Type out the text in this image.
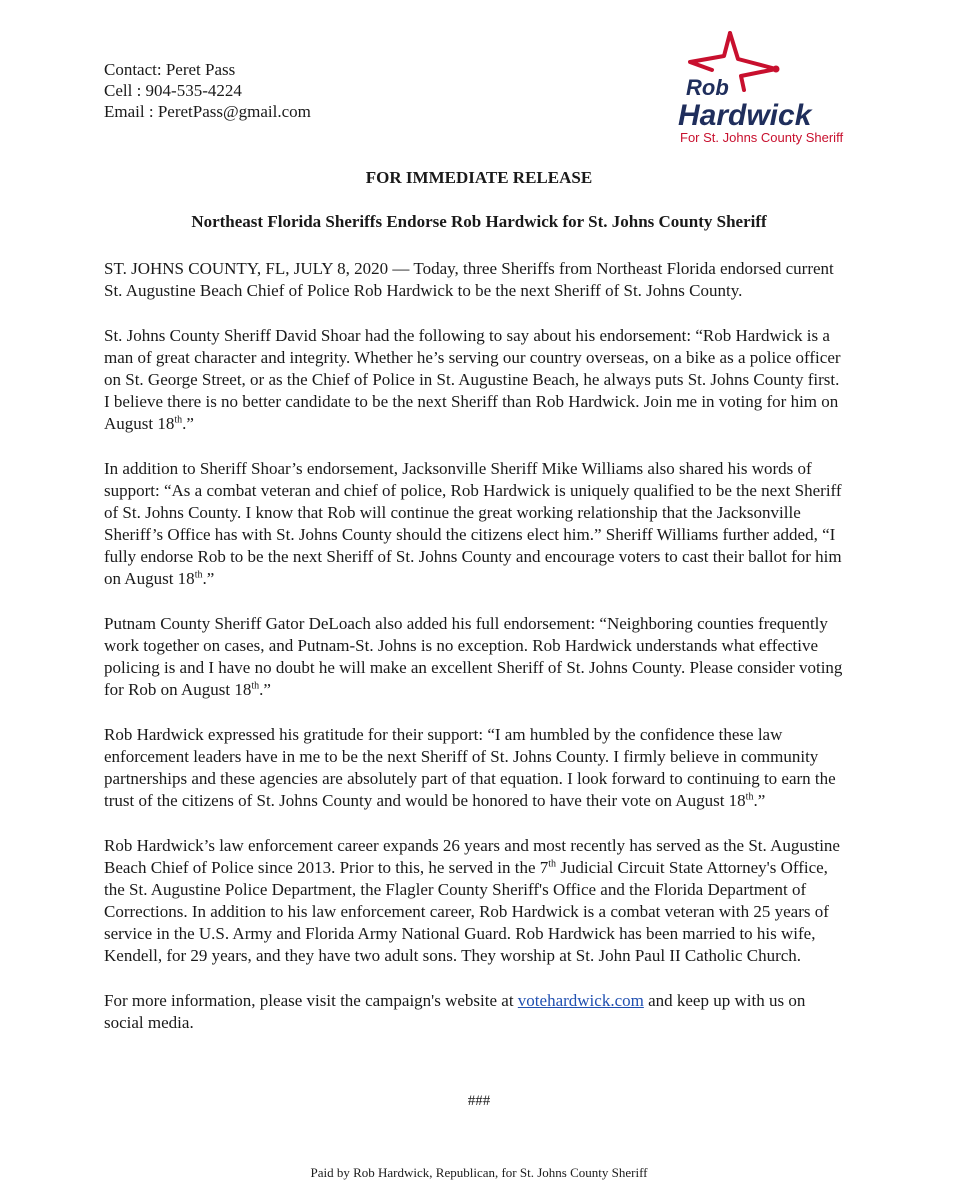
Contact: Peret Pass
Cell : 904-535-4224
Email : PeretPass@gmail.com
Rob
Hardwick
For St. Johns County Sheriff
FOR IMMEDIATE RELEASE
Northeast Florida Sheriffs Endorse Rob Hardwick for St. Johns County Sheriff

ST. JOHNS COUNTY, FL, JULY 8, 2020 — Today, three Sheriffs from Northeast Florida endorsed current St. Augustine Beach Chief of Police Rob Hardwick to be the next Sheriff of St. Johns County.

St. Johns County Sheriff David Shoar had the following to say about his endorsement: “Rob Hardwick is a man of great character and integrity. Whether he’s serving our country overseas, on a bike as a police officer on St. George Street, or as the Chief of Police in St. Augustine Beach, he always puts St. Johns County first. I believe there is no better candidate to be the next Sheriff than Rob Hardwick. Join me in voting for him on August 18th.”

In addition to Sheriff Shoar’s endorsement, Jacksonville Sheriff Mike Williams also shared his words of support: “As a combat veteran and chief of police, Rob Hardwick is uniquely qualified to be the next Sheriff of St. Johns County. I know that Rob will continue the great working relationship that the Jacksonville Sheriff’s Office has with St. Johns County should the citizens elect him.” Sheriff Williams further added, “I fully endorse Rob to be the next Sheriff of St. Johns County and encourage voters to cast their ballot for him on August 18th.”

Putnam County Sheriff Gator DeLoach also added his full endorsement: “Neighboring counties frequently work together on cases, and Putnam-St. Johns is no exception. Rob Hardwick understands what effective policing is and I have no doubt he will make an excellent Sheriff of St. Johns County. Please consider voting for Rob on August 18th.”

Rob Hardwick expressed his gratitude for their support: “I am humbled by the confidence these law enforcement leaders have in me to be the next Sheriff of St. Johns County. I firmly believe in community partnerships and these agencies are absolutely part of that equation. I look forward to continuing to earn the trust of the citizens of St. Johns County and would be honored to have their vote on August 18th.”

Rob Hardwick’s law enforcement career expands 26 years and most recently has served as the St. Augustine Beach Chief of Police since 2013. Prior to this, he served in the 7th Judicial Circuit State Attorney's Office, the St. Augustine Police Department, the Flagler County Sheriff's Office and the Florida Department of Corrections. In addition to his law enforcement career, Rob Hardwick is a combat veteran with 25 years of service in the U.S. Army and Florida Army National Guard. Rob Hardwick has been married to his wife, Kendell, for 29 years, and they have two adult sons. They worship at St. John Paul II Catholic Church.

For more information, please visit the campaign's website at votehardwick.com and keep up with us on social media.

###
Paid by Rob Hardwick, Republican, for St. Johns County Sheriff
